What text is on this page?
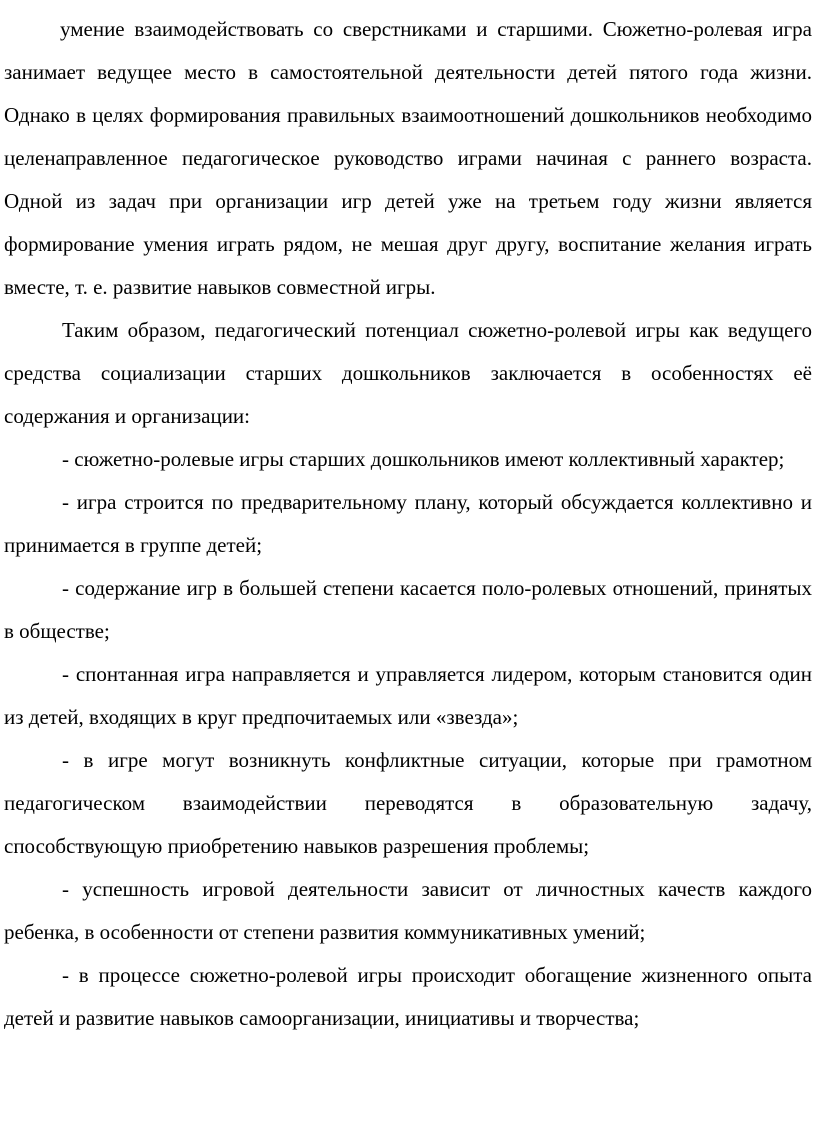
умение взаимодействовать со сверстниками и старшими. Сюжетно-ролевая игра занимает ведущее место в самостоятельной деятельности детей пятого года жизни. Однако в целях формирования правильных взаимоотношений дошкольников необходимо целенаправленное педагогическое руководство играми начиная с раннего возраста. Одной из задач при организации игр детей уже на третьем году жизни является формирование умения играть рядом, не мешая друг другу, воспитание желания играть вместе, т. е. развитие навыков совместной игры.

Таким образом, педагогический потенциал сюжетно-ролевой игры как ведущего средства социализации старших дошкольников заключается в особенностях её содержания и организации:

- сюжетно-ролевые игры старших дошкольников имеют коллективный характер;

- игра строится по предварительному плану, который обсуждается коллективно и принимается в группе детей;

- содержание игр в большей степени касается поло-ролевых отношений, принятых в обществе;

- спонтанная игра направляется и управляется лидером, которым становится один из детей, входящих в круг предпочитаемых или «звезда»;

- в игре могут возникнуть конфликтные ситуации, которые при грамотном педагогическом взаимодействии переводятся в образовательную задачу, способствующую приобретению навыков разрешения проблемы;

- успешность игровой деятельности зависит от личностных качеств каждого ребенка, в особенности от степени развития коммуникативных умений;

- в процессе сюжетно-ролевой игры происходит обогащение жизненного опыта детей и развитие навыков самоорганизации, инициативы и творчества;
